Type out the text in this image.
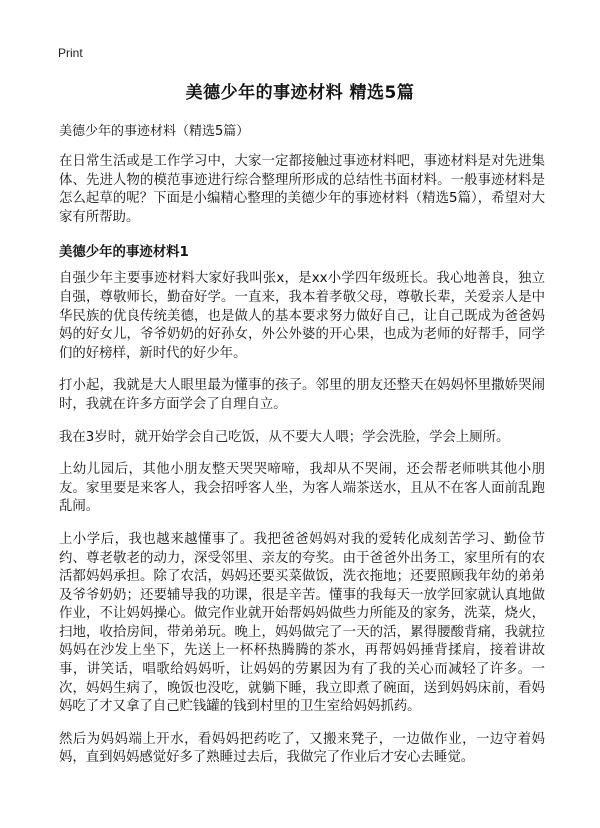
Print
美德少年的事迹材料 精选5篇
美德少年的事迹材料（精选5篇）
在日常生活或是工作学习中，大家一定都接触过事迹材料吧，事迹材料是对先进集体、先进人物的模范事迹进行综合整理所形成的总结性书面材料。一般事迹材料是怎么起草的呢？下面是小编精心整理的美德少年的事迹材料（精选5篇），希望对大家有所帮助。
美德少年的事迹材料1
自强少年主要事迹材料大家好我叫张x，是xx小学四年级班长。我心地善良，独立自强，尊敬师长，勤奋好学。一直来，我本着孝敬父母，尊敬长辈，关爱亲人是中华民族的优良传统美德，也是做人的基本要求努力做好自己，让自己既成为爸爸妈妈的好女儿，爷爷奶奶的好孙女，外公外婆的开心果，也成为老师的好帮手，同学们的好榜样，新时代的好少年。
打小起，我就是大人眼里最为懂事的孩子。邻里的朋友还整天在妈妈怀里撒娇哭闹时，我就在许多方面学会了自理自立。
我在3岁时，就开始学会自己吃饭，从不要大人喂；学会洗脸，学会上厕所。
上幼儿园后，其他小朋友整天哭哭啼啼，我却从不哭闹，还会帮老师哄其他小朋友。家里要是来客人，我会招呼客人坐，为客人端茶送水，且从不在客人面前乱跑乱闹。
上小学后，我也越来越懂事了。我把爸爸妈妈对我的爱转化成刻苦学习、勤俭节约、尊老敬老的动力，深受邻里、亲友的夸奖。由于爸爸外出务工，家里所有的农活都妈妈承担。除了农活，妈妈还要买菜做饭，洗衣拖地；还要照顾我年幼的弟弟及爷爷奶奶；还要辅导我的功课，很是辛苦。懂事的我每天一放学回家就认真地做作业，不让妈妈操心。做完作业就开始帮妈妈做些力所能及的家务，洗菜，烧火，扫地，收拾房间，带弟弟玩。晚上，妈妈做完了一天的活，累得腰酸背痛，我就拉妈妈在沙发上坐下，先送上一杯杯热腾腾的茶水，再帮妈妈捶背揉肩，接着讲故事，讲笑话，唱歌给妈妈听，让妈妈的劳累因为有了我的关心而减轻了许多。一次，妈妈生病了，晚饭也没吃，就躺下睡，我立即煮了碗面，送到妈妈床前，看妈妈吃了才又拿了自己贮钱罐的钱到村里的卫生室给妈妈抓药。
然后为妈妈端上开水，看妈妈把药吃了，又搬来凳子，一边做作业，一边守着妈妈，直到妈妈感觉好多了熟睡过去后，我做完了作业后才安心去睡觉。
